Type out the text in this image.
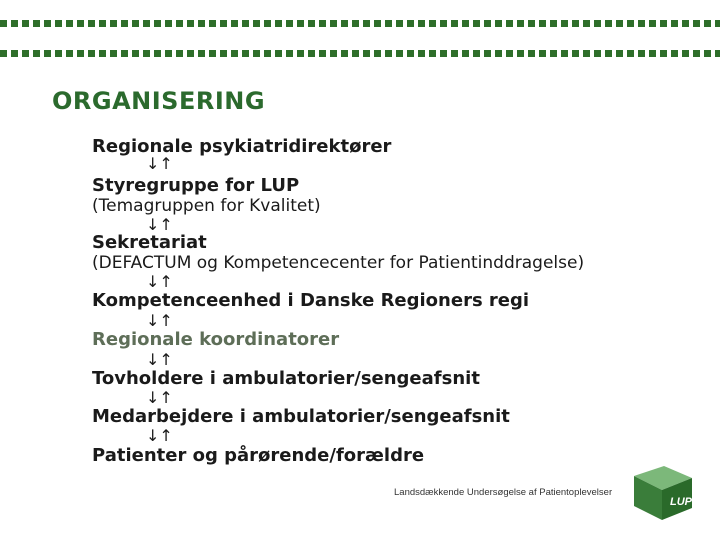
ORGANISERING
Regionale psykiatridirektører
↓↑
Styregruppe for LUP
(Temagruppen for Kvalitet)
↓↑
Sekretariat
(DEFACTUM og Kompetencecenter for Patientinddragelse)
↓↑
Kompetenceenhed i Danske Regioners regi
↓↑
Regionale koordinatorer
↓↑
Tovholdere i ambulatorier/sengeafsnit
↓↑
Medarbejdere i ambulatorier/sengeafsnit
↓↑
Patienter og pårørende/forældre
Landsdækkende Undersøgelse af Patientoplevelser
LUP
